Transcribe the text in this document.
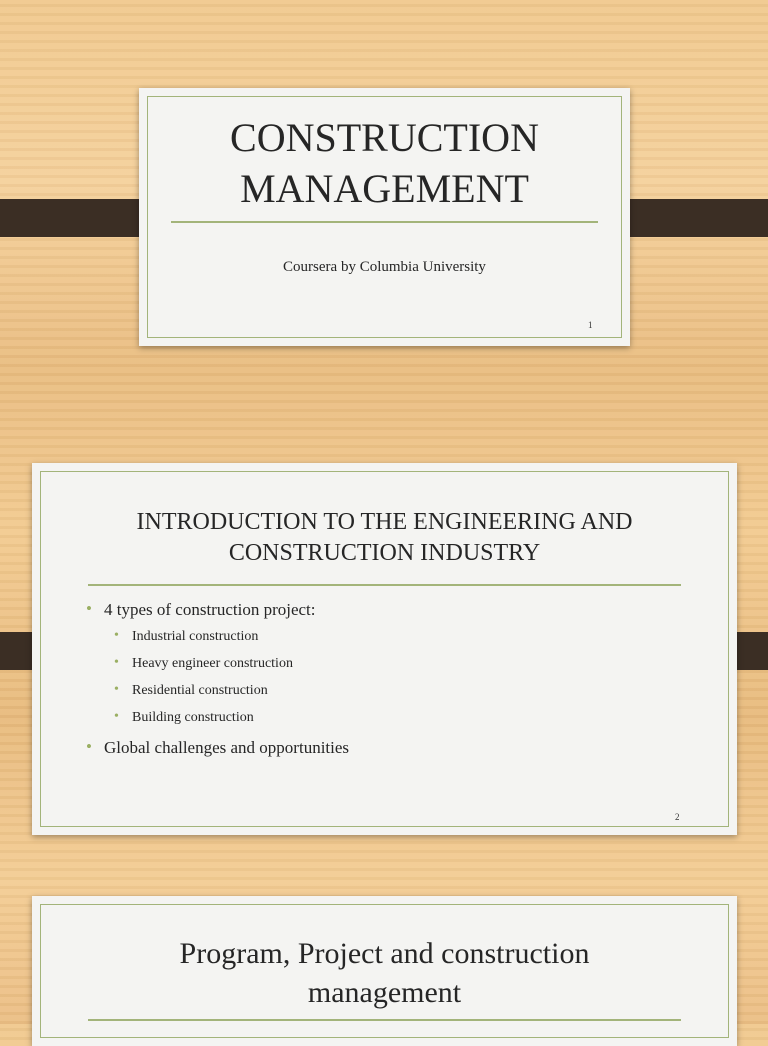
CONSTRUCTION
MANAGEMENT
Coursera by Columbia University
1
INTRODUCTION TO THE ENGINEERING AND
CONSTRUCTION INDUSTRY
• 4 types of construction project:
• Industrial construction
• Heavy engineer construction
• Residential construction
• Building construction
• Global challenges and opportunities
2
Program, Project and construction
management
